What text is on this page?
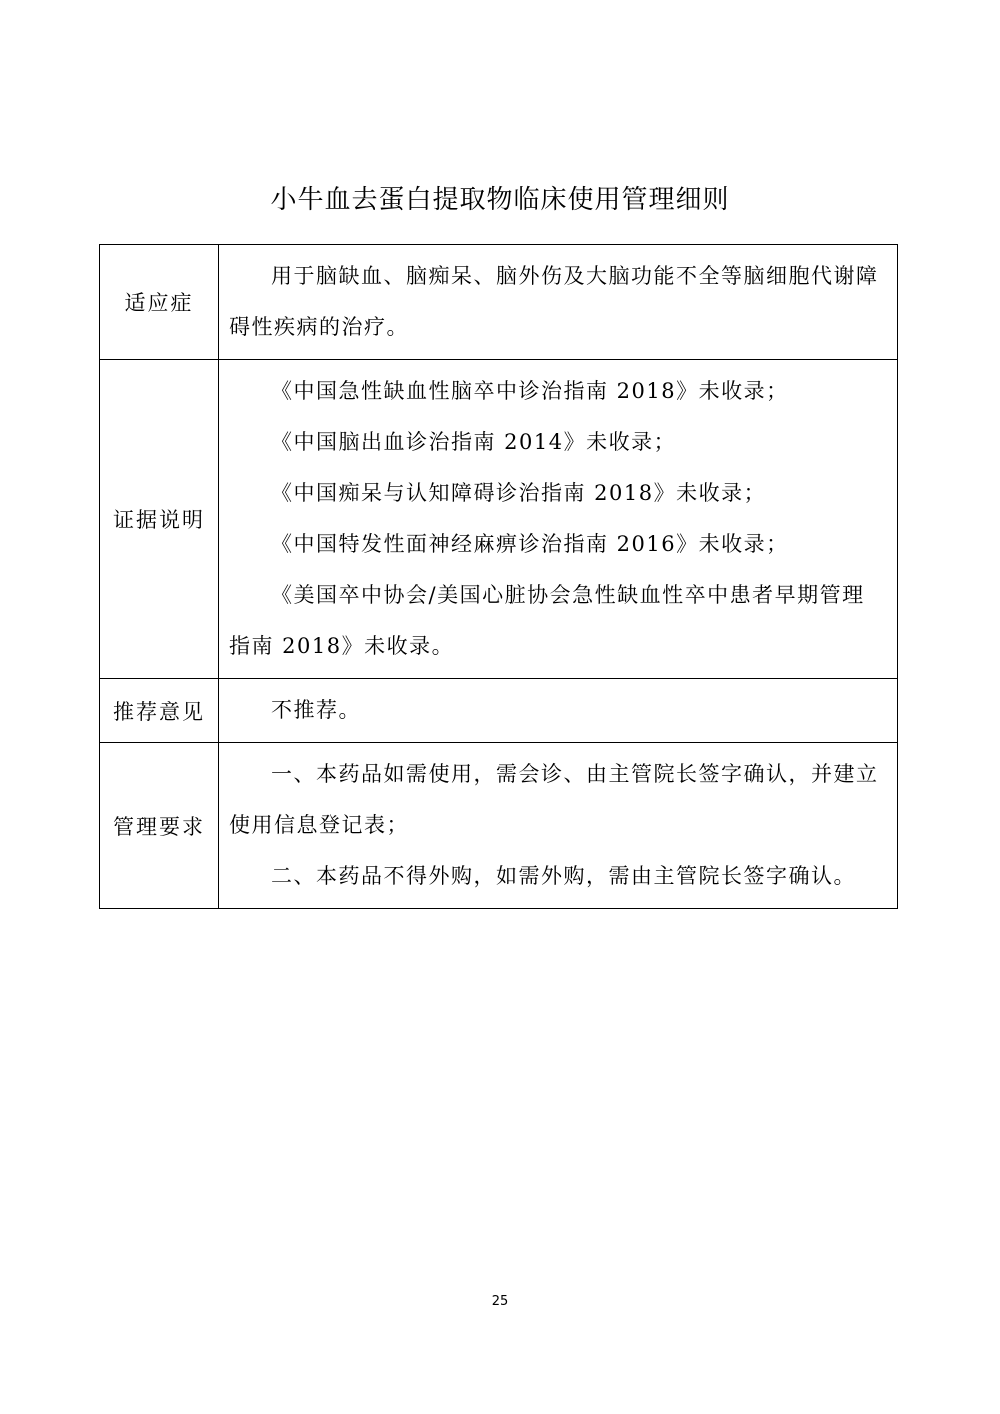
小牛血去蛋白提取物临床使用管理细则
适应症	用于脑缺血、脑痴呆、脑外伤及大脑功能不全等脑细胞代谢障碍性疾病的治疗。

证据说明	《中国急性缺血性脑卒中诊治指南 2018》未收录；

《中国脑出血诊治指南 2014》未收录；

《中国痴呆与认知障碍诊治指南 2018》未收录；

《中国特发性面神经麻痹诊治指南 2016》未收录；

《美国卒中协会/美国心脏协会急性缺血性卒中患者早期管理指南 2018》未收录。

推荐意见	不推荐。

管理要求	一、本药品如需使用，需会诊、由主管院长签字确认，并建立使用信息登记表；

二、本药品不得外购，如需外购，需由主管院长签字确认。

25
